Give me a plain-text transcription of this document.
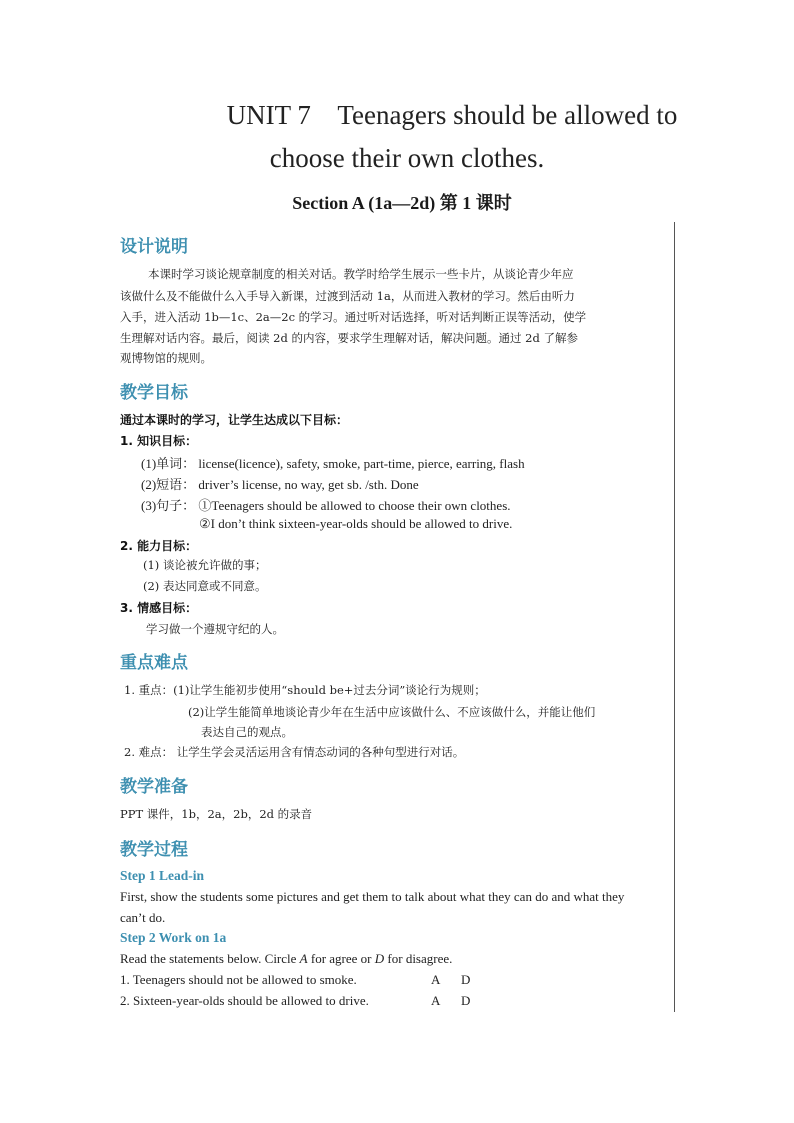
UNIT 7    Teenagers should be allowed to
choose their own clothes.
Section A (1a—2d) 第 1 课时
设计说明
本课时学习谈论规章制度的相关对话。教学时给学生展示一些卡片，从谈论青少年应
该做什么及不能做什么入手导入新课，过渡到活动 1a，从而进入教材的学习。然后由听力
入手，进入活动 1b—1c、2a—2c 的学习。通过听对话选择，听对话判断正误等活动，使学
生理解对话内容。最后，阅读 2d 的内容，要求学生理解对话，解决问题。通过 2d 了解参
观博物馆的规则。
教学目标
通过本课时的学习，让学生达成以下目标：
1. 知识目标：
(1)单词： license(licence), safety, smoke, part-time, pierce, earring, flash
(2)短语： driver’s license, no way, get sb. /sth. Done
(3)句子： ①Teenagers should be allowed to choose their own clothes.
②I don’t think sixteen-year-olds should be allowed to drive.
2. 能力目标：
(1) 谈论被允许做的事；
(2) 表达同意或不同意。
3. 情感目标：
学习做一个遵规守纪的人。
重点难点
1. 重点：(1)让学生能初步使用“should be+过去分词”谈论行为规则；
(2)让学生能简单地谈论青少年在生活中应该做什么、不应该做什么，并能让他们
表达自己的观点。
2. 难点： 让学生学会灵活运用含有情态动词的各种句型进行对话。
教学准备
PPT 课件，1b，2a，2b，2d 的录音
教学过程
Step 1 Lead-in
First, show the students some pictures and get them to talk about what they can do and what they
can’t do.
Step 2 Work on 1a
Read the statements below. Circle A for agree or D for disagree.
1. Teenagers should not be allowed to smoke.	A D
2. Sixteen-year-olds should be allowed to drive.	A D
